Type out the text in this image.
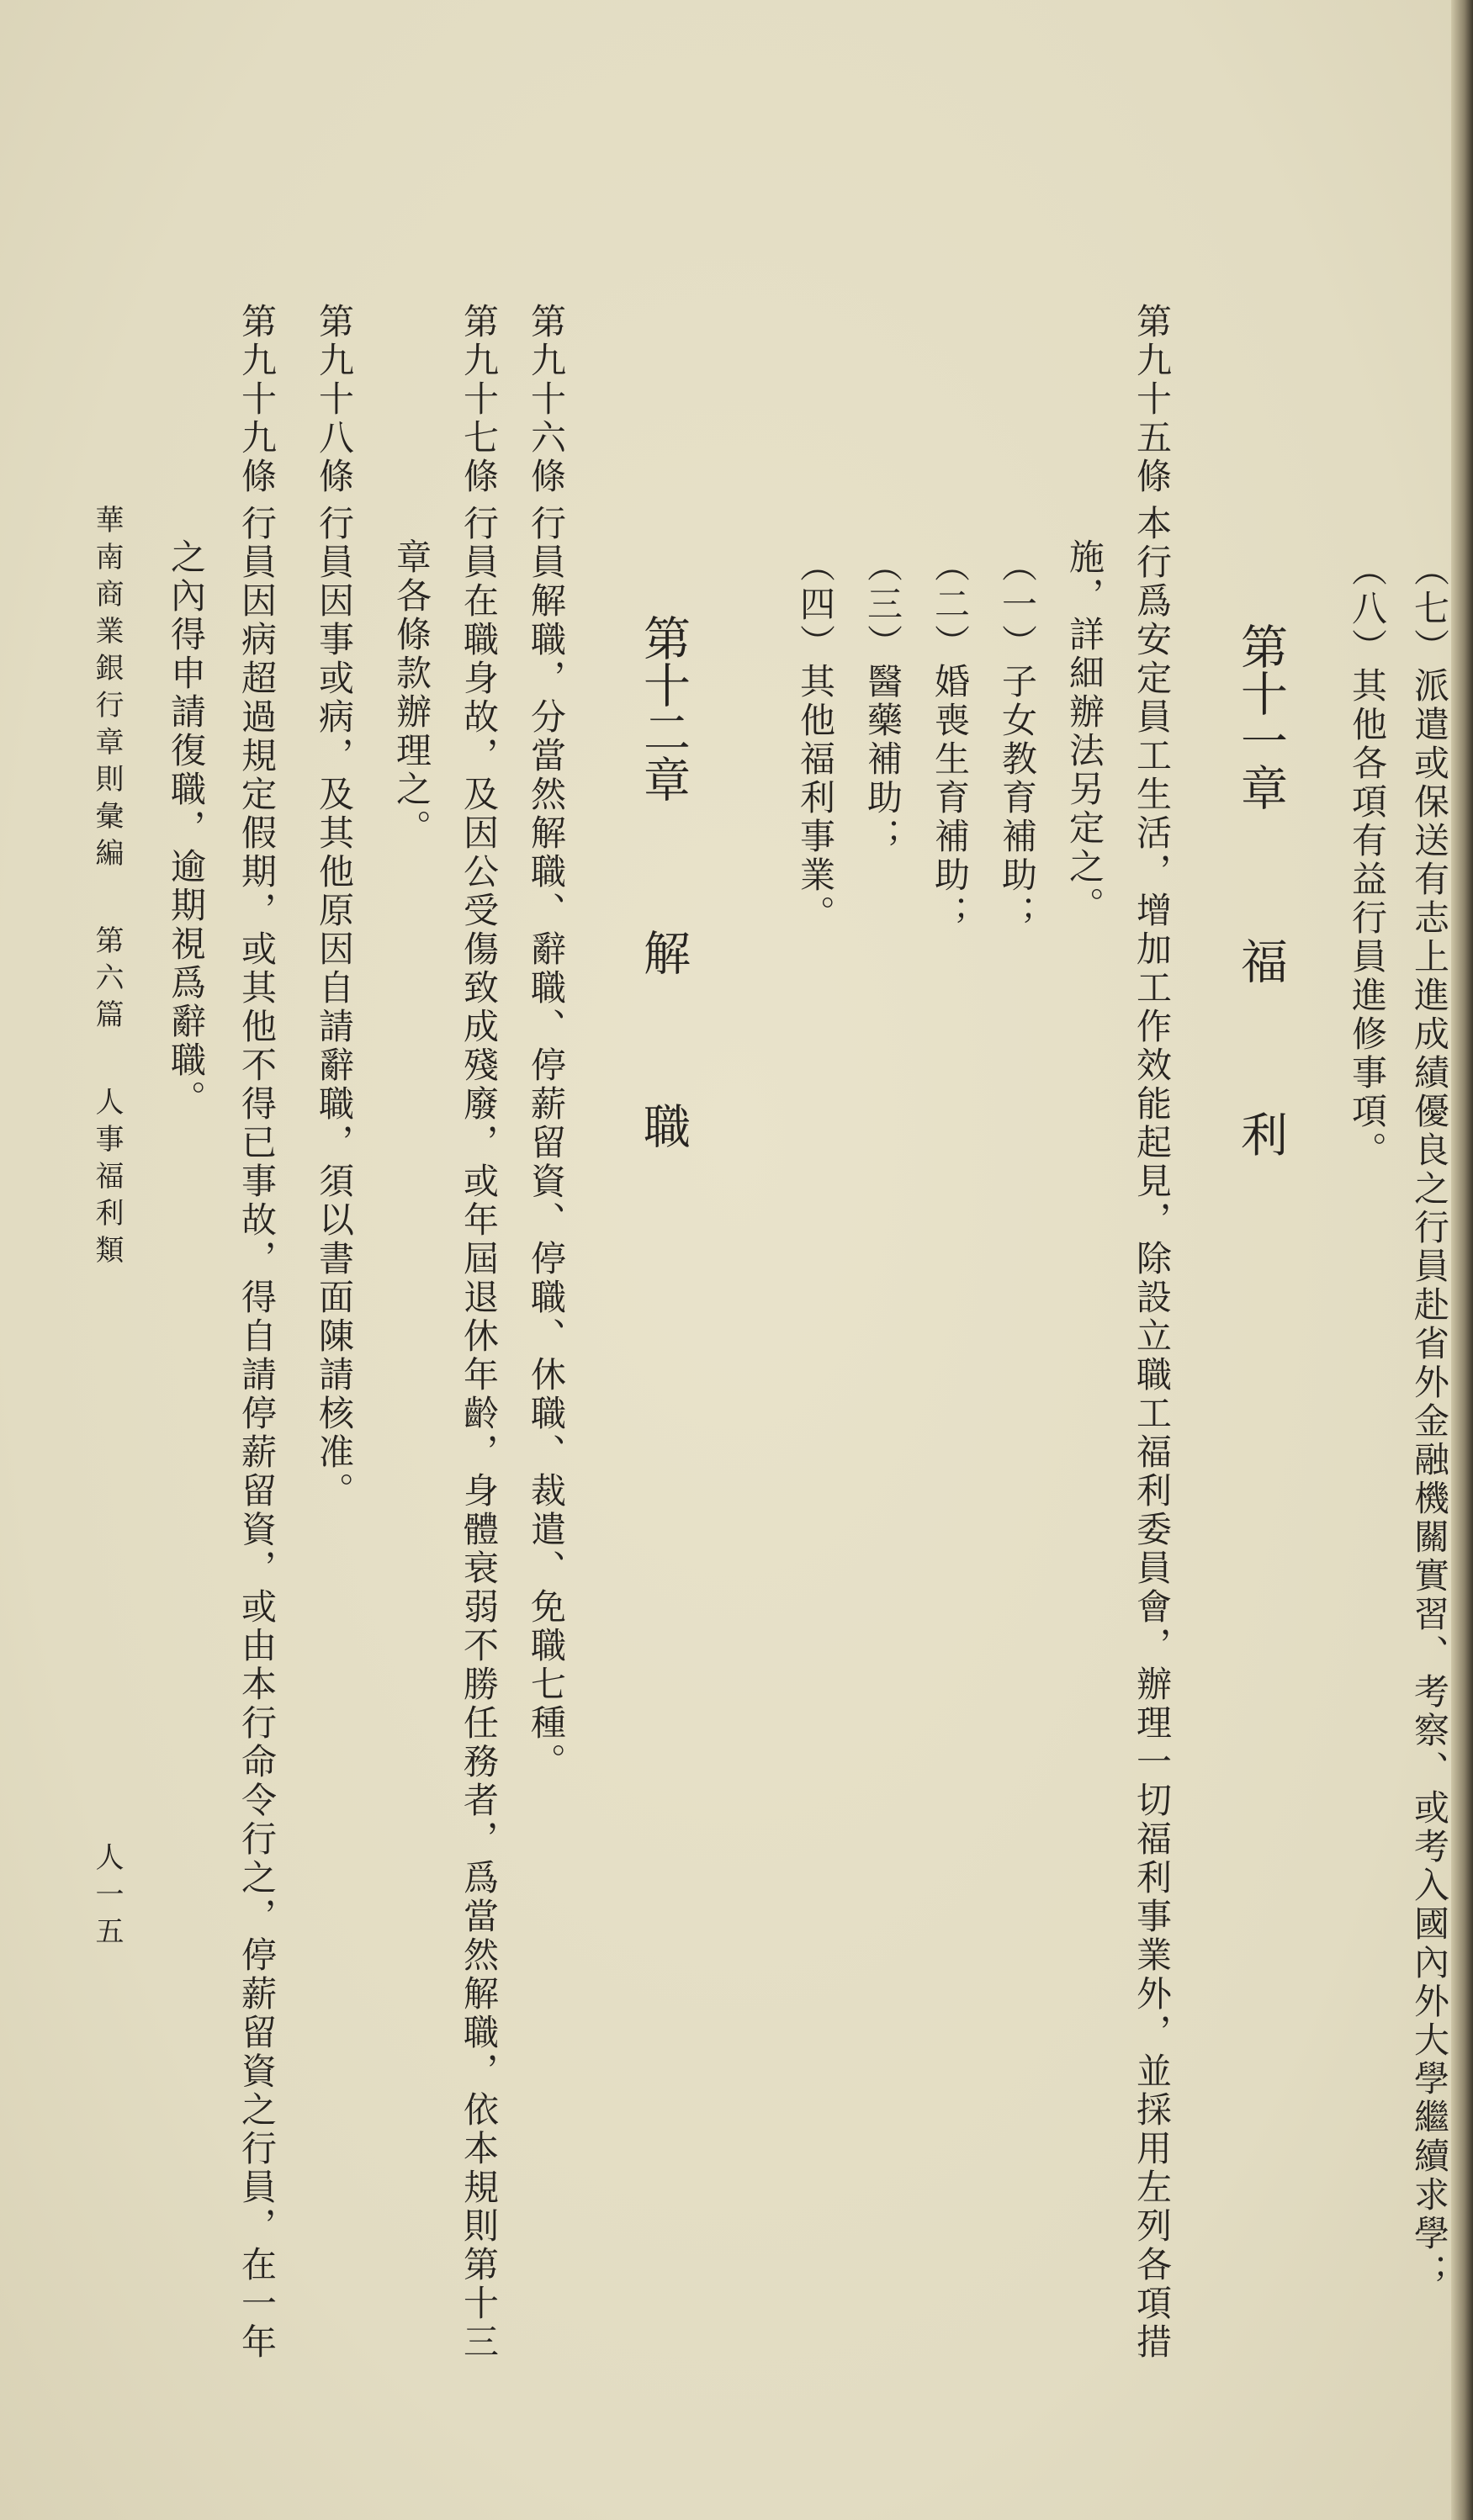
（七）派遣或保送有志上進成績優良之行員赴省外金融機關實習、考察、或考入國內外大學繼續求學；
（八）其他各項有益行員進修事項。
第十一章福利
第九十五條本行爲安定員工生活，增加工作效能起見，除設立職工福利委員會，辦理一切福利事業外，並採用左列各項措
施，詳細辦法另定之。
（一）子女教育補助；
（二）婚喪生育補助；
（三）醫藥補助；
（四）其他福利事業。
第十二章解職
第九十六條行員解職，分當然解職、辭職、停薪留資、停職、休職、裁遣、免職七種。
第九十七條行員在職身故，及因公受傷致成殘廢，或年屆退休年齡，身體衰弱不勝任務者，爲當然解職，依本規則第十三
章各條款辦理之。
第九十八條行員因事或病，及其他原因自請辭職，須以書面陳請核准。
第九十九條行員因病超過規定假期，或其他不得已事故，得自請停薪留資，或由本行命令行之，停薪留資之行員，在一年
之內得申請復職，逾期視爲辭職。
華南商業銀行章則彙編第六篇人事福利類
人一五
